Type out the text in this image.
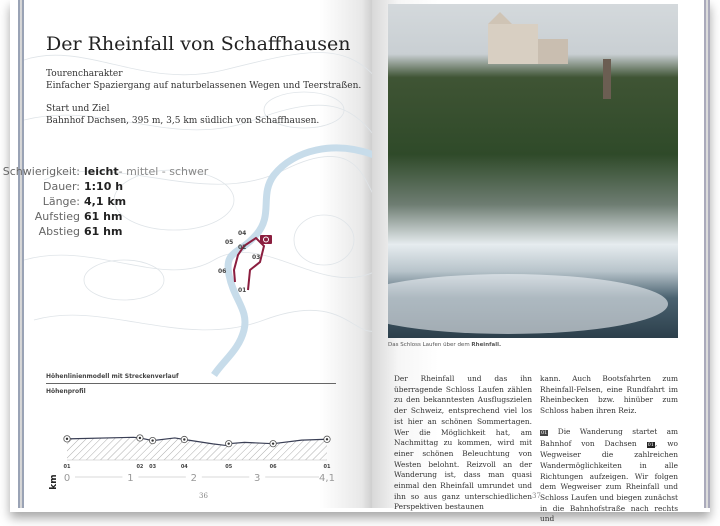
Der Rheinfall von Schaffhausen
Tourencharakter
Einfacher Spaziergang auf naturbelassenen Wegen und Teerstraßen.
Start und Ziel
Bahnhof Dachsen, 395 m, 3,5 km südlich von Schaffhausen.
Schwierigkeit: leicht - mittel - schwer
Dauer: 1:10 h
Länge: 4,1 km
Aufstieg 61 hm
Abstieg 61 hm
05
04
02
03
06
01
Höhenlinienmodell mit Streckenverlauf
Höhenprofil
01	02 03	04	05	06	01
0	1	2	3	4,1
km
36
Das Schloss Laufen über dem Rheinfall.
Der Rheinfall und das ihn überragende Schloss Laufen zählen zu den bekanntesten Ausflugszielen der Schweiz, entsprechend viel los ist hier an schönen Sommertagen. Wer die Möglichkeit hat, am Nachmittag zu kommen, wird mit einer schönen Beleuchtung von Westen belohnt. Reizvoll an der Wanderung ist, dass man quasi einmal den Rheinfall umrundet und ihn so aus ganz unterschiedlichen Perspektiven bestaunen

kann. Auch Bootsfahrten zum Rheinfall-Felsen, eine Rundfahrt im Rheinbecken bzw. hinüber zum Schloss haben ihren Reiz.

01 Die Wanderung startet am Bahnhof von Dachsen 01, wo Wegweiser die zahlreichen Wandermöglichkeiten in alle Richtungen aufzeigen. Wir folgen dem Wegweiser zum Rheinfall und Schloss Laufen und biegen zunächst in die Bahnhofstraße nach rechts und

37
